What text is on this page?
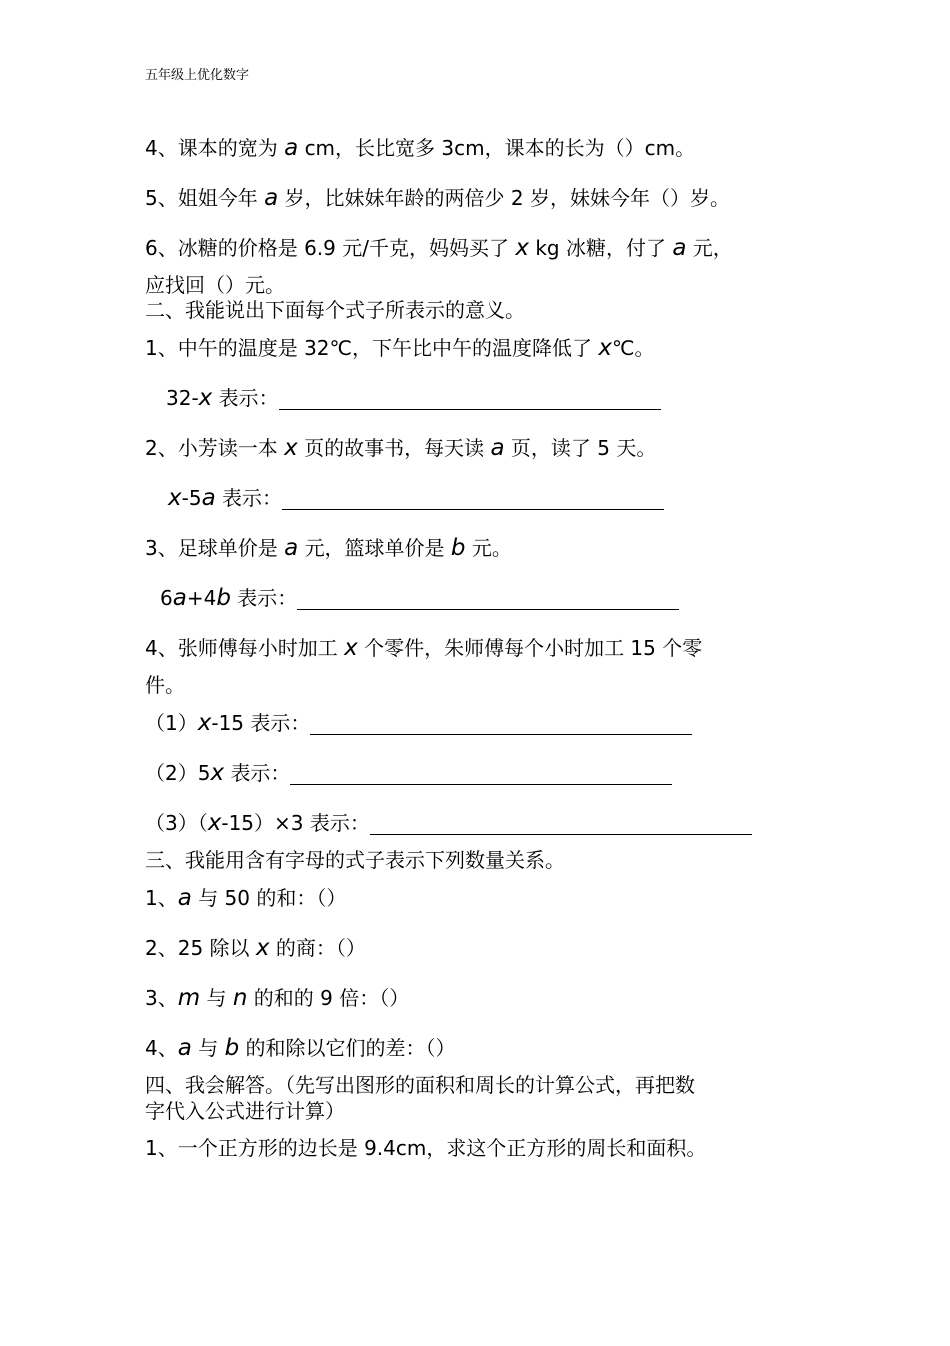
五年级上优化数字
4、课本的宽为 a cm，长比宽多 3cm，课本的长为（）cm。
5、姐姐今年 a 岁，比妹妹年龄的两倍少 2 岁，妹妹今年（）岁。
6、冰糖的价格是 6.9 元/千克，妈妈买了 x kg 冰糖，付了 a 元，
应找回（）元。
二、我能说出下面每个式子所表示的意义。
1、中午的温度是 32℃，下午比中午的温度降低了 x℃。
32-x 表示：
2、小芳读一本 x 页的故事书，每天读 a 页，读了 5 天。
x-5a 表示：
3、足球单价是 a 元，篮球单价是 b 元。
6a+4b 表示：
4、张师傅每小时加工 x 个零件，朱师傅每个小时加工 15 个零
件。
（1）x-15 表示：
（2）5x 表示：
（3）（x-15）×3 表示：
三、我能用含有字母的式子表示下列数量关系。
1、a 与 50 的和：（）
2、25 除以 x 的商：（）
3、m 与 n 的和的 9 倍：（）
4、a 与 b 的和除以它们的差：（）
四、我会解答。（先写出图形的面积和周长的计算公式，再把数
字代入公式进行计算）
1、一个正方形的边长是 9.4cm，求这个正方形的周长和面积。
